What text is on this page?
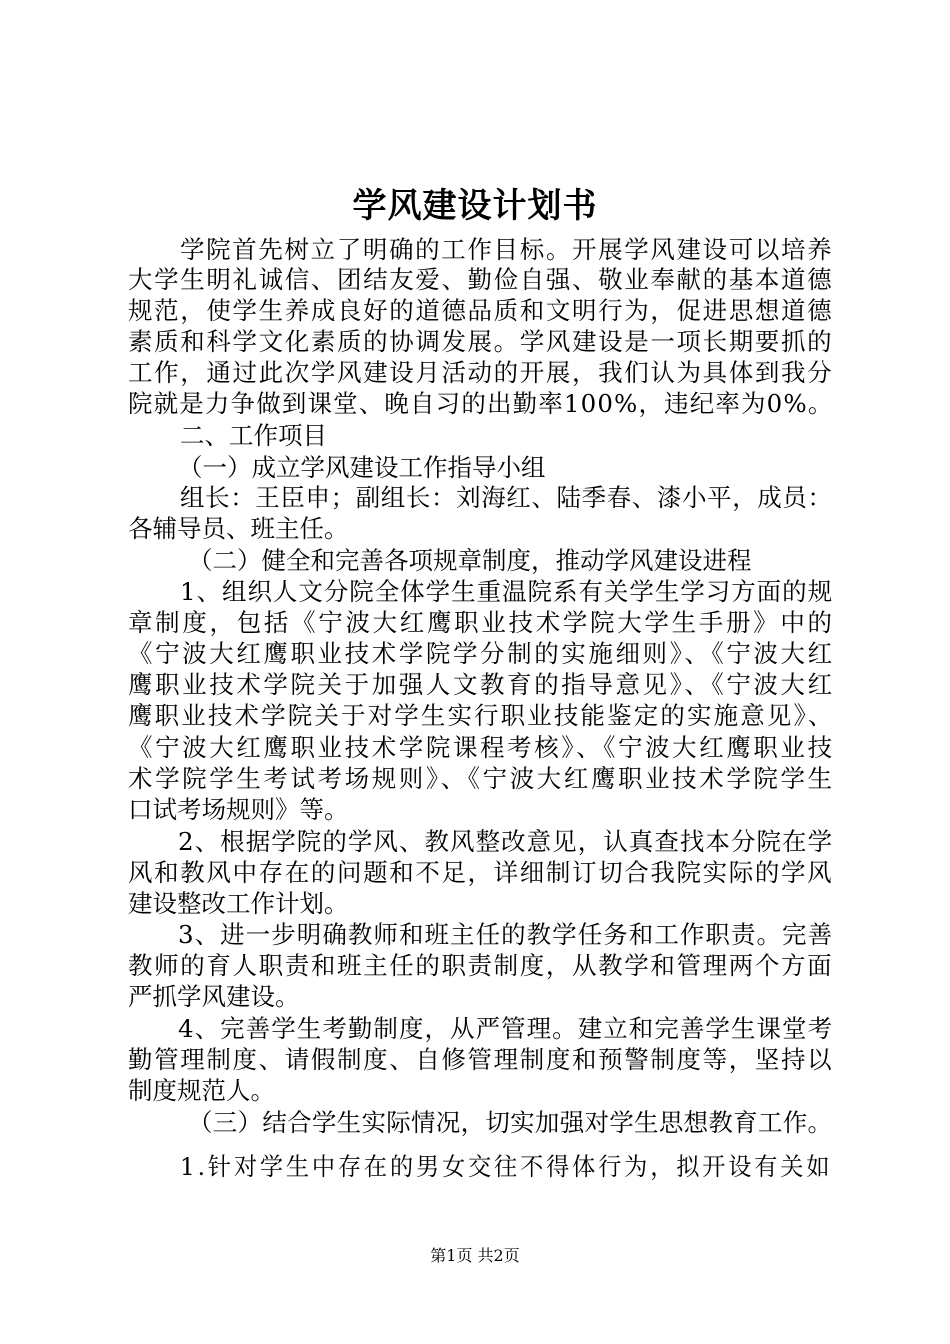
学风建设计划书
学院首先树立了明确的工作目标。开展学风建设可以培养
大学生明礼诚信、团结友爱、勤俭自强、敬业奉献的基本道德
规范，使学生养成良好的道德品质和文明行为，促进思想道德
素质和科学文化素质的协调发展。学风建设是一项长期要抓的
工作，通过此次学风建设月活动的开展，我们认为具体到我分
院就是力争做到课堂、晚自习的出勤率100%，违纪率为0%。
二、工作项目
（一）成立学风建设工作指导小组
组长：王臣申；副组长：刘海红、陆季春、漆小平，成员：
各辅导员、班主任。
（二）健全和完善各项规章制度，推动学风建设进程
1、组织人文分院全体学生重温院系有关学生学习方面的规
章制度，包括《宁波大红鹰职业技术学院大学生手册》中的
《宁波大红鹰职业技术学院学分制的实施细则》、《宁波大红
鹰职业技术学院关于加强人文教育的指导意见》、《宁波大红
鹰职业技术学院关于对学生实行职业技能鉴定的实施意见》、
《宁波大红鹰职业技术学院课程考核》、《宁波大红鹰职业技
术学院学生考试考场规则》、《宁波大红鹰职业技术学院学生
口试考场规则》等。
2、根据学院的学风、教风整改意见，认真查找本分院在学
风和教风中存在的问题和不足，详细制订切合我院实际的学风
建设整改工作计划。
3、进一步明确教师和班主任的教学任务和工作职责。完善
教师的育人职责和班主任的职责制度，从教学和管理两个方面
严抓学风建设。
4、完善学生考勤制度，从严管理。建立和完善学生课堂考
勤管理制度、请假制度、自修管理制度和预警制度等，坚持以
制度规范人。
（三）结合学生实际情况，切实加强对学生思想教育工作。
1.针对学生中存在的男女交往不得体行为，拟开设有关如
第1页 共2页
